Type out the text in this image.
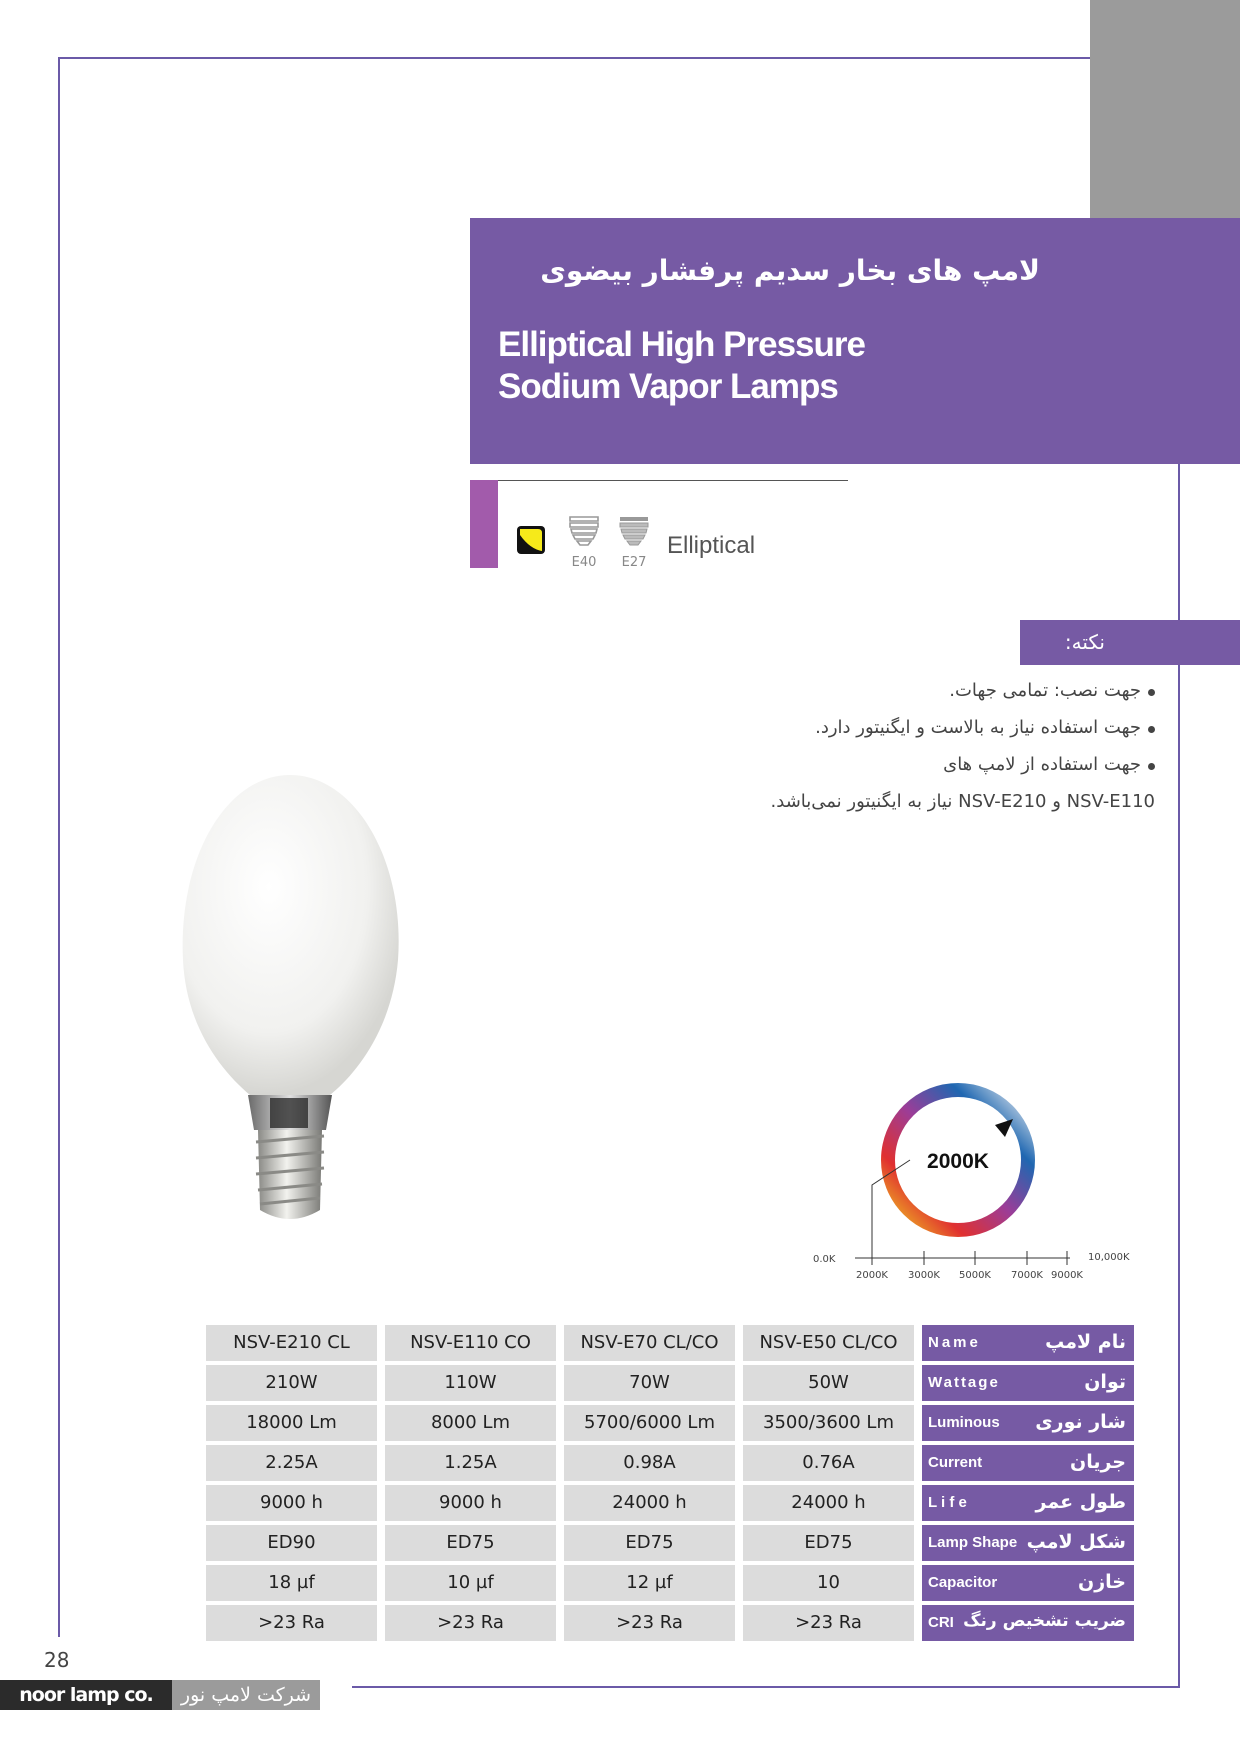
لامپ های بخار سدیم پرفشار بیضوی
Elliptical High Pressure
Sodium Vapor Lamps
E40	E27
Elliptical
نکته:
جهت نصب: تمامی جهات.
جهت استفاده نیاز به بالاست و ایگنیتور دارد.
جهت استفاده از لامپ های
NSV-E110 و NSV-E210 نیاز به ایگنیتور نمی‌باشد.
2000K
0.0K	10,000K
2000K 3000K 5000K 7000K 9000K
NSV-E210 CL	NSV-E110 CO	NSV-E70 CL/CO	NSV-E50 CL/CO	Name	نام لامپ
210W	110W	70W	50W	Wattage	توان
18000 Lm	8000 Lm	5700/6000 Lm	3500/3600 Lm	Luminous شار نوری
2.25A	1.25A	0.98A	0.76A	Current	جریان
9000 h	9000 h	24000 h	24000 h	L i f e	طول عمر
ED90	ED75	ED75	ED75	Lamp Shape شکل لامپ
18 µf	10 µf	12 µf	10	Capacitor	خازن
>23 Ra	>23 Ra	>23 Ra	>23 Ra	CRI ضریب تشخیص رنگ
28
noor lamp co.	شرکت لامپ نور
